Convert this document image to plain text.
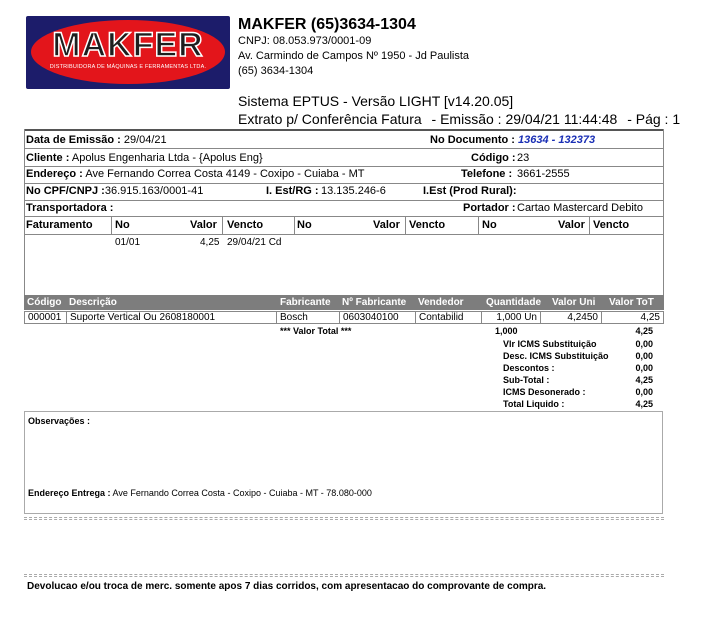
MAKFER
DISTRIBUIDORA DE MÁQUINAS E FERRAMENTAS LTDA.
MAKFER (65)3634-1304
CNPJ: 08.053.973/0001-09
Av. Carmindo de Campos Nº 1950 - Jd Paulista
(65) 3634-1304
Sistema EPTUS - Versão LIGHT [v14.20.05]
Extrato p/ Conferência Fatura - Emissão : 29/04/21 11:44:48 - Pág : 1
Data de Emissão : 29/04/21	No Documento : 13634 - 132373
Cliente : Apolus Engenharia Ltda - {Apolus Eng}	Código : 23
Endereço : Ave Fernando Correa Costa 4149 - Coxipo - Cuiaba - MT	Telefone : 3661-2555
No CPF/CNPJ :36.915.163/0001-41	I. Est/RG : 13.135.246-6	I.Est (Prod Rural):
Transportadora :	Portador : Cartao Mastercard Debito
Faturamento No	Valor Vencto	No	Valor Vencto	No	Valor Vencto
01/01	4,25 29/04/21 Cd
Código Descrição	Fabricante Nº Fabricante Vendedor Quantidade Valor Uni Valor ToT
000001 Suporte Vertical Ou 2608180001	Bosch	0603040100	Contabilid	1,000 Un	4,2450	4,25
*** Valor Total ***	1,000	4,25
Vlr ICMS Substituição	0,00
Desc. ICMS Substituição	0,00
Descontos :	0,00
Sub-Total :	4,25
ICMS Desonerado :	0,00
Total Liquido :	4,25
Observações :
Endereço Entrega : Ave Fernando Correa Costa - Coxipo - Cuiaba - MT - 78.080-000
Devolucao e/ou troca de merc. somente apos 7 dias corridos, com apresentacao do comprovante de compra.
